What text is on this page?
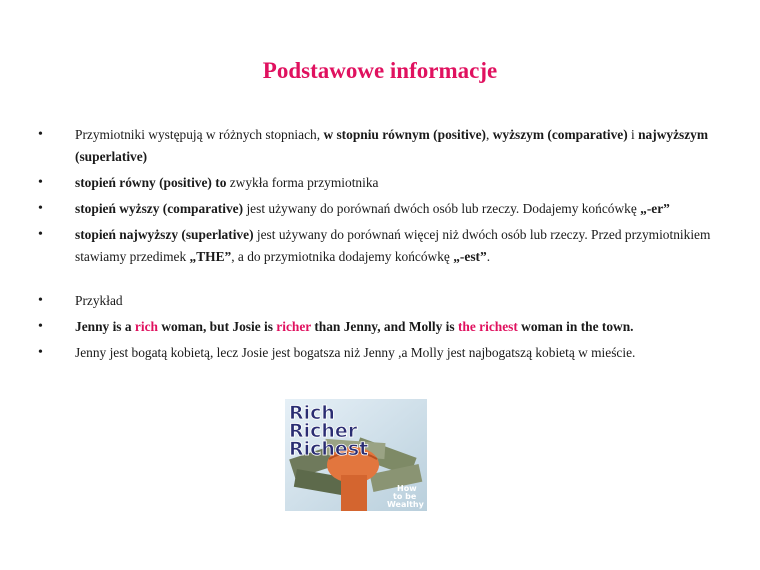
Podstawowe informacje
• Przymiotniki występują w różnych stopniach, w stopniu równym (positive), wyższym (comparative) i najwyższym (superlative)
• stopień równy (positive) to zwykła forma przymiotnika
• stopień wyższy (comparative) jest używany do porównań dwóch osób lub rzeczy. Dodajemy końcówkę „-er”
• stopień najwyższy (superlative) jest używany do porównań więcej niż dwóch osób lub rzeczy. Przed przymiotnikiem stawiamy przedimek „THE”, a do przymiotnika dodajemy końcówkę „-est”.
• Przykład
• Jenny is a rich woman, but Josie is richer than Jenny, and Molly is the richest woman in the town.
• Jenny jest bogatą kobietą, lecz Josie jest bogatsza niż Jenny ,a Molly jest najbogatszą kobietą w mieście.
Rich
Richer
Richest
How
to be
Wealthy
